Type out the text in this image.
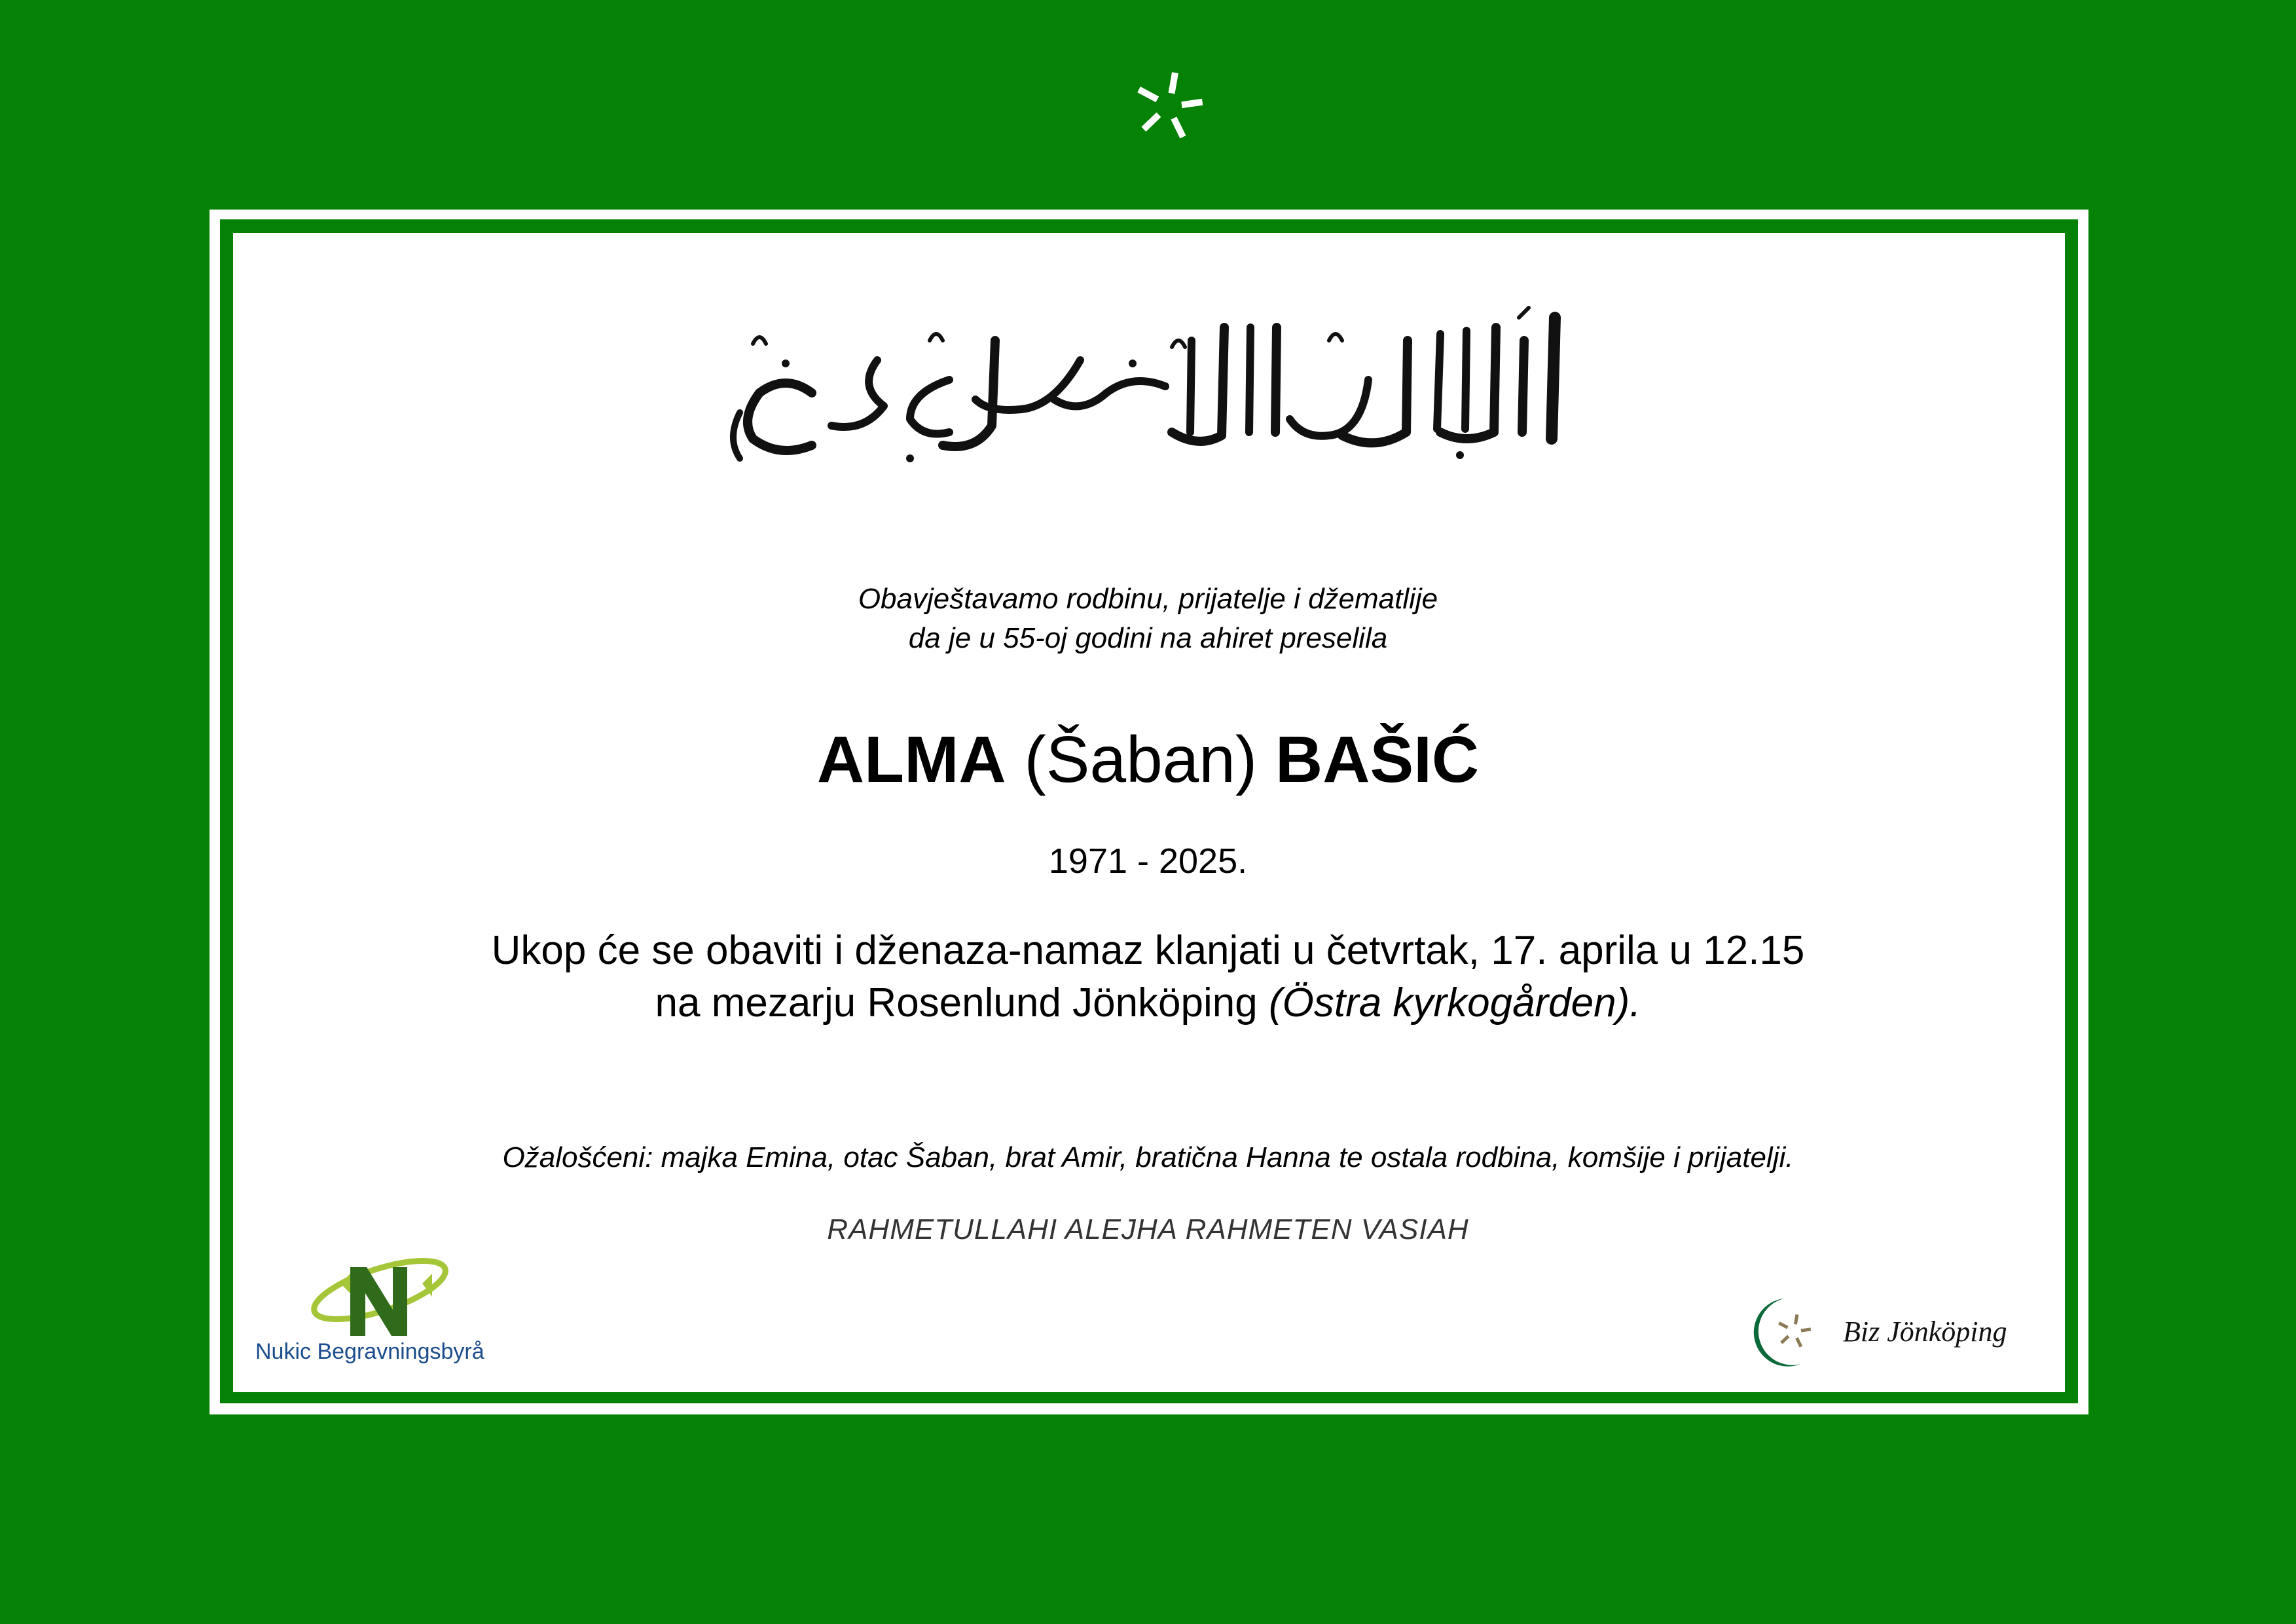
Obavještavamo rodbinu, prijatelje i džematlije
da je u 55-oj godini na ahiret preselila
ALMA (Šaban) BAŠIĆ
1971 - 2025.
Ukop će se obaviti i dženaza-namaz klanjati u četvrtak, 17. aprila u 12.15
na mezarju Rosenlund Jönköping (Östra kyrkogården).
Ožalošćeni: majka Emina, otac Šaban, brat Amir, bratična Hanna te ostala rodbina, komšije i prijatelji.
RAHMETULLAHI ALEJHA RAHMETEN VASIAH
Nukic Begravningsbyrå
Biz Jönköping
